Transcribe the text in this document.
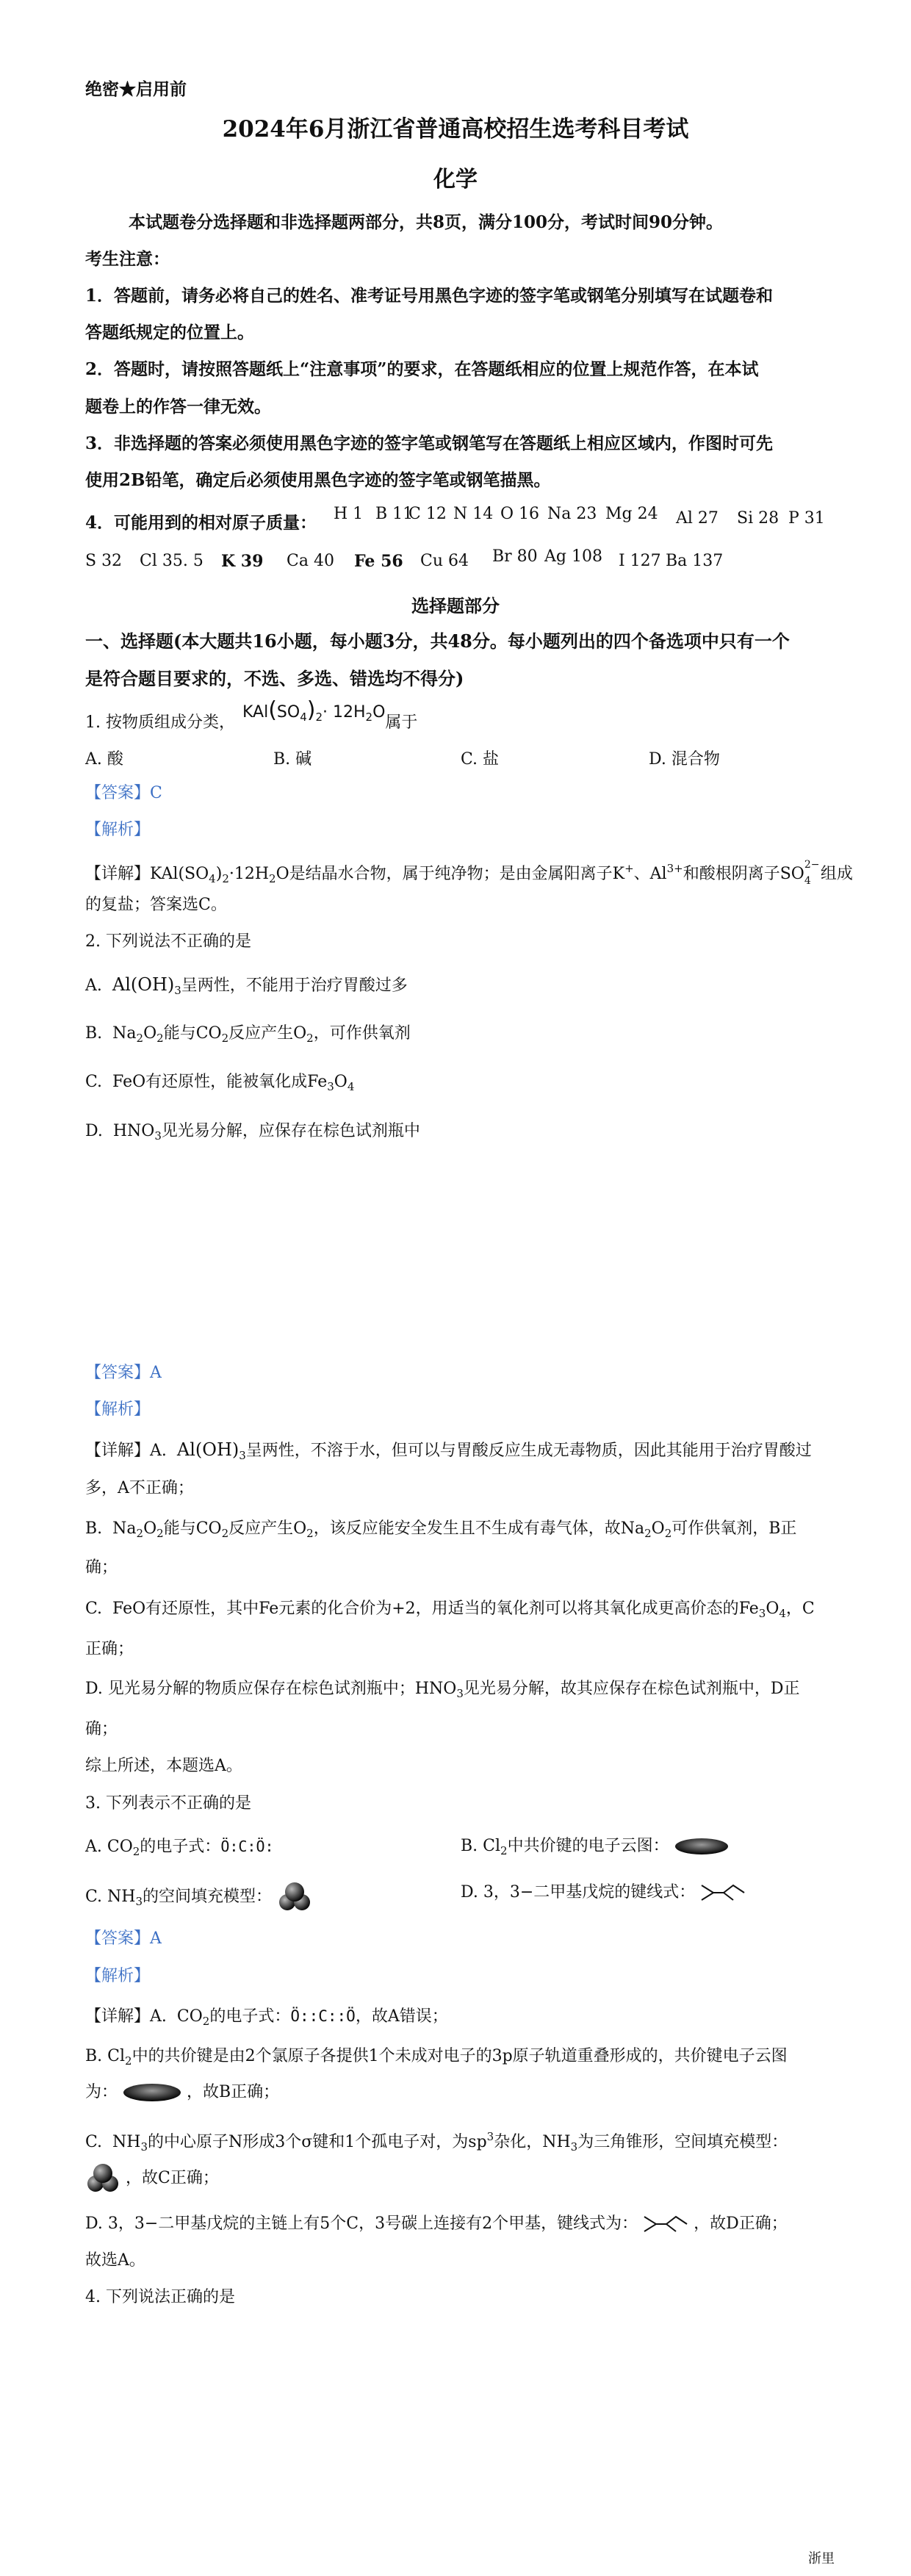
绝密★启用前
2024年6月浙江省普通高校招生选考科目考试
化学
本试题卷分选择题和非选择题两部分，共8页，满分100分，考试时间90分钟。
考生注意：
1．答题前，请务必将自己的姓名、准考证号用黑色字迹的签字笔或钢笔分别填写在试题卷和
答题纸规定的位置上。
2．答题时，请按照答题纸上“注意事项”的要求，在答题纸相应的位置上规范作答，在本试
题卷上的作答一律无效。
3．非选择题的答案必须使用黑色字迹的签字笔或钢笔写在答题纸上相应区域内，作图时可先
使用2B铅笔，确定后必须使用黑色字迹的签字笔或钢笔描黑。
4．可能用到的相对原子质量： H 1 B 11
C 12 N 14 O 16 Na 23 Mg 24 Al 27 Si 28 P 31
S 32 Cl 35. 5 K 39 Ca 40 Fe 56 Cu 64 Br 80 Ag 108 I 127 Ba 137
选择题部分
一、选择题(本大题共16小题，每小题3分，共48分。每小题列出的四个备选项中只有一个
是符合题目要求的，不选、多选、错选均不得分)
1. 按物质组成分类，$KAl(SO_4)_2\cdot 12H_2O$属于
A. 酸	B. 碱	C. 盐	D. 混合物
【答案】C
【解析】
【详解】$KAl(SO_4)_2\cdot 12H_2O$是结晶水合物，属于纯净物；是由金属阳离子K+、$Al^{3+}$和酸根阴离子SO 2−
4 组成
的复盐；答案选C。
2. 下列说法不正确的是
A. $Al(OH)_3$呈两性，不能用于治疗胃酸过多
B. $Na_2O_2$能与$CO_2$反应产生$O_2$，可作供氧剂
C. FeO有还原性，能被氧化成$Fe_3O_4$
D. $HNO_3$见光易分解，应保存在棕色试剂瓶中
【答案】A
【解析】
【详解】A. $Al(OH)_3$呈两性，不溶于水，但可以与胃酸反应生成无毒物质，因此其能用于治疗胃酸过
多，A不正确；
B. $Na_2O_2$能与$CO_2$反应产生$O_2$，该反应能安全发生且不生成有毒气体，故$Na_2O_2$可作供氧剂，B正
确；
C. FeO有还原性，其中Fe元素的化合价为+2，用适当的氧化剂可以将其氧化成更高价态的$Fe_3O_4$，C
正确；
D. 见光易分解的物质应保存在棕色试剂瓶中；$HNO_3$见光易分解，故其应保存在棕色试剂瓶中，D正
确；
综上所述，本题选A。
3. 下列表示不正确的是
A. $CO_2$的电子式：Ö:C:Ö:	B. $Cl_2$中共价键的电子云图：
C. $NH_3$的空间填充模型：	D. 3，3−二甲基戊烷的键线式：
【答案】A
【解析】
【详解】A. $CO_2$的电子式：Ö::C::Ö，故A错误；
B. $Cl_2$中的共价键是由2个氯原子各提供1个未成对电子的3p原子轨道重叠形成的，共价键电子云图
为：	，故B正确；
C. $NH_3$的中心原子N形成3个σ键和1个孤电子对，为$sp^3$杂化，$NH_3$为三角锥形，空间填充模型：
，故C正确；
D. 3，3−二甲基戊烷的主链上有5个C，3号碳上连接有2个甲基，键线式为：	，故D正确；
故选A。
4. 下列说法正确的是
浙里
